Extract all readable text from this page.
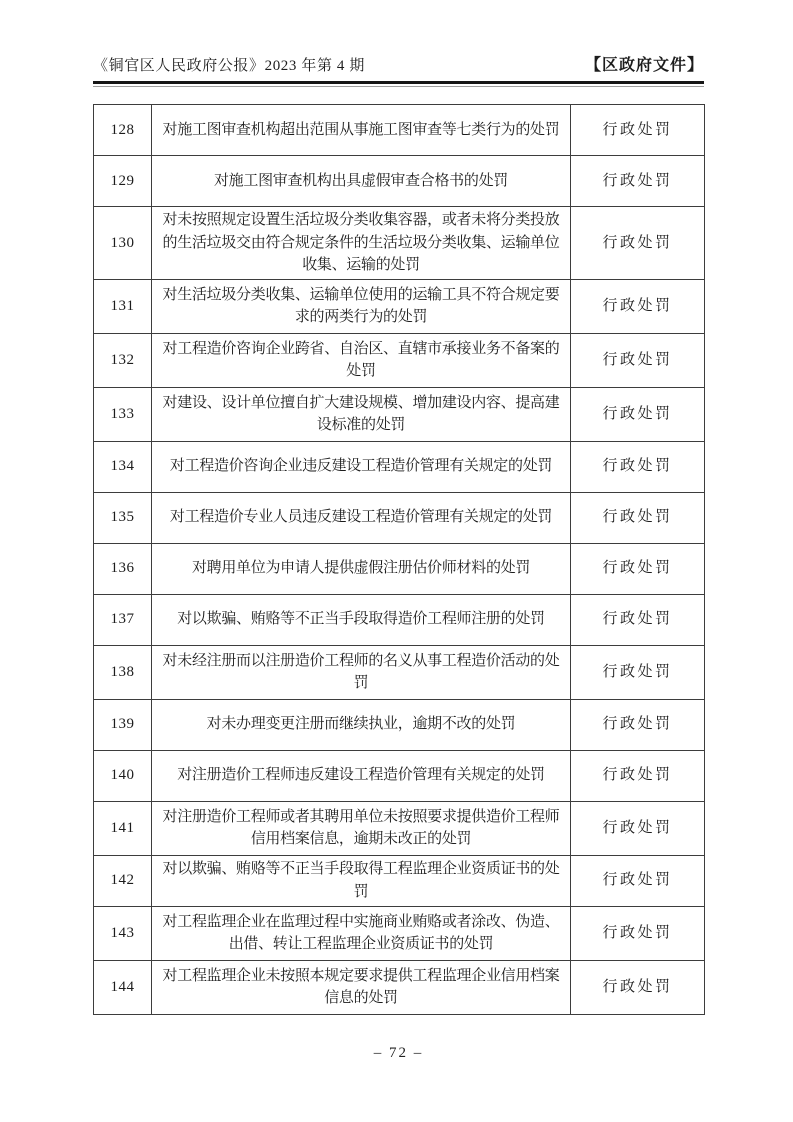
《铜官区人民政府公报》2023 年第 4 期	【区政府文件】
128	对施工图审查机构超出范围从事施工图审查等七类行为的处罚	行政处罚
129	对施工图审查机构出具虚假审查合格书的处罚	行政处罚
130	对未按照规定设置生活垃圾分类收集容器，或者未将分类投放的生活垃圾交由符合规定条件的生活垃圾分类收集、运输单位收集、运输的处罚	行政处罚
131	对生活垃圾分类收集、运输单位使用的运输工具不符合规定要求的两类行为的处罚	行政处罚
132	对工程造价咨询企业跨省、自治区、直辖市承接业务不备案的处罚	行政处罚
133	对建设、设计单位擅自扩大建设规模、增加建设内容、提高建设标准的处罚	行政处罚
134	对工程造价咨询企业违反建设工程造价管理有关规定的处罚	行政处罚
135	对工程造价专业人员违反建设工程造价管理有关规定的处罚	行政处罚
136	对聘用单位为申请人提供虚假注册估价师材料的处罚	行政处罚
137	对以欺骗、贿赂等不正当手段取得造价工程师注册的处罚	行政处罚
138	对未经注册而以注册造价工程师的名义从事工程造价活动的处罚	行政处罚
139	对未办理变更注册而继续执业，逾期不改的处罚	行政处罚
140	对注册造价工程师违反建设工程造价管理有关规定的处罚	行政处罚
141	对注册造价工程师或者其聘用单位未按照要求提供造价工程师信用档案信息，逾期未改正的处罚	行政处罚
142	对以欺骗、贿赂等不正当手段取得工程监理企业资质证书的处罚	行政处罚
143	对工程监理企业在监理过程中实施商业贿赂或者涂改、伪造、出借、转让工程监理企业资质证书的处罚	行政处罚
144	对工程监理企业未按照本规定要求提供工程监理企业信用档案信息的处罚	行政处罚
– 72 –
